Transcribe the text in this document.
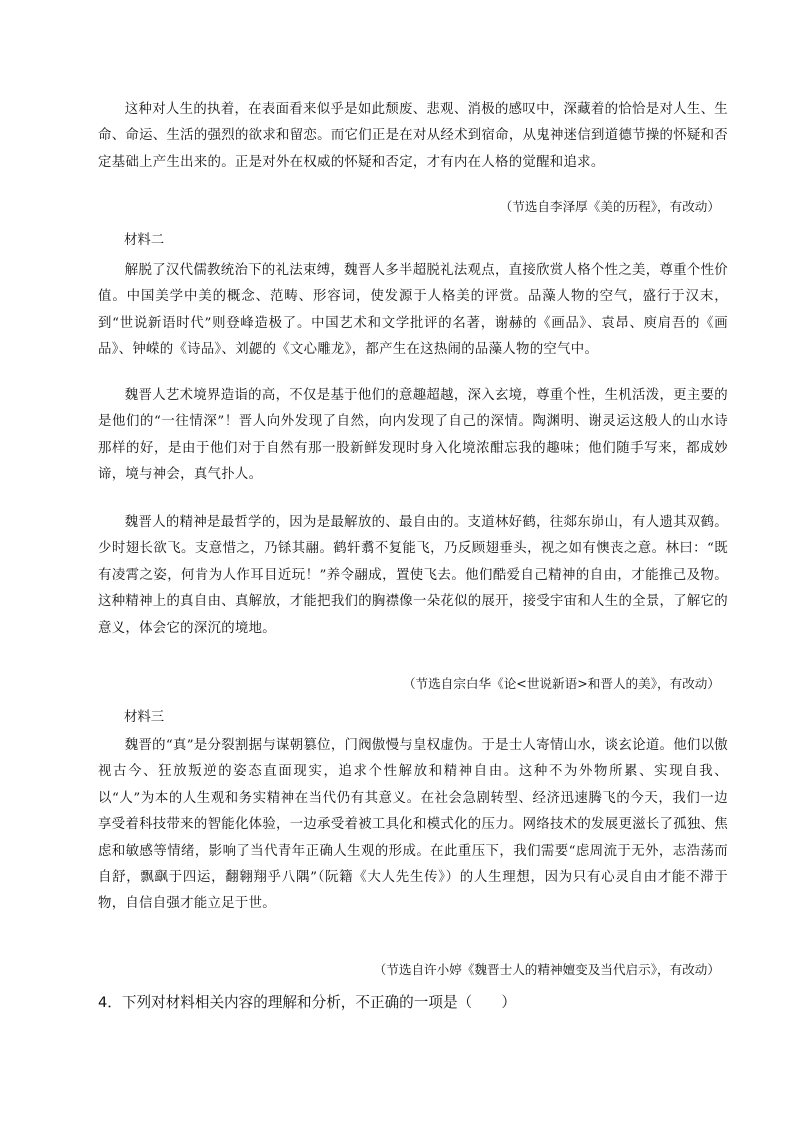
这种对人生的执着，在表面看来似乎是如此颓废、悲观、消极的感叹中，深藏着的恰恰是对人生、生命、命运、生活的强烈的欲求和留恋。而它们正是在对从经术到宿命，从鬼神迷信到道德节操的怀疑和否定基础上产生出来的。正是对外在权威的怀疑和否定，才有内在人格的觉醒和追求。

（节选自李泽厚《美的历程》，有改动）

材料二

解脱了汉代儒教统治下的礼法束缚，魏晋人多半超脱礼法观点，直接欣赏人格个性之美，尊重个性价值。中国美学中美的概念、范畴、形容词，使发源于人格美的评赏。品藻人物的空气，盛行于汉末，到“世说新语时代”则登峰造极了。中国艺术和文学批评的名著，谢赫的《画品》、袁昂、庾肩吾的《画品》、钟嵘的《诗品》、刘勰的《文心雕龙》，都产生在这热闹的品藻人物的空气中。

魏晋人艺术境界造诣的高，不仅是基于他们的意趣超越，深入玄境，尊重个性，生机活泼，更主要的是他们的“一往情深”！晋人向外发现了自然，向内发现了自己的深情。陶渊明、谢灵运这般人的山水诗那样的好，是由于他们对于自然有那一股新鲜发现时身入化境浓酣忘我的趣味；他们随手写来，都成妙谛，境与神会，真气扑人。

魏晋人的精神是最哲学的，因为是最解放的、最自由的。支道林好鹤，往郯东峁山，有人遗其双鹤。少时翅长欲飞。支意惜之，乃铩其翮。鹤轩翥不复能飞，乃反顾翅垂头，视之如有懊丧之意。林曰：“既有凌霄之姿，何肯为人作耳目近玩！”养令翮成，置使飞去。他们酷爱自己精神的自由，才能推己及物。这种精神上的真自由、真解放，才能把我们的胸襟像一朵花似的展开，接受宇宙和人生的全景，了解它的意义，体会它的深沉的境地。

（节选自宗白华《论<世说新语>和晋人的美》，有改动）

材料三

魏晋的“真”是分裂割据与谋朝篡位，门阀傲慢与皇权虚伪。于是士人寄情山水，谈玄论道。他们以傲视古今、狂放叛逆的姿态直面现实，追求个性解放和精神自由。这种不为外物所累、实现自我、以“人”为本的人生观和务实精神在当代仍有其意义。在社会急剧转型、经济迅速腾飞的今天，我们一边享受着科技带来的智能化体验，一边承受着被工具化和模式化的压力。网络技术的发展更滋长了孤独、焦虑和敏感等情绪，影响了当代青年正确人生观的形成。在此重压下，我们需要“虑周流于无外，志浩荡而自舒，飘飖于四运，翻翱翔乎八隅”（阮籍《大人先生传》）的人生理想，因为只有心灵自由才能不滞于物，自信自强才能立足于世。

（节选自许小婷《魏晋士人的精神嬗变及当代启示》，有改动）

4．下列对材料相关内容的理解和分析，不正确的一项是（　　）
